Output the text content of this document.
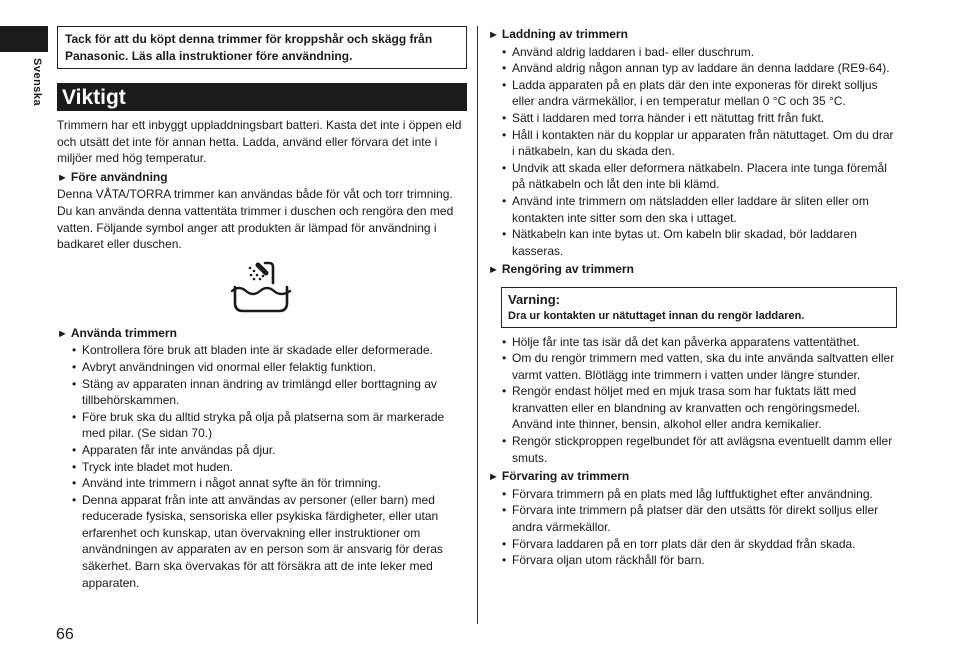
Svenska
66
Tack för att du köpt denna trimmer för kroppshår och skägg från Panasonic. Läs alla instruktioner före användning.
Viktigt
Trimmern har ett inbyggt uppladdningsbart batteri. Kasta det inte i öppen eld och utsätt det inte för annan hetta. Ladda, använd eller förvara det inte i miljöer med hög temperatur.
► Före användning
Denna VÅTA/TORRA trimmer kan användas både för våt och torr trimning. Du kan använda denna vattentäta trimmer i duschen och rengöra den med vatten. Följande symbol anger att produkten är lämpad för användning i badkaret eller duschen.
► Använda trimmern
• Kontrollera före bruk att bladen inte är skadade eller deformerade.
• Avbryt användningen vid onormal eller felaktig funktion.
• Stäng av apparaten innan ändring av trimlängd eller borttagning av tillbehörskammen.
• Före bruk ska du alltid stryka på olja på platserna som är markerade med pilar. (Se sidan 70.)
• Apparaten får inte användas på djur.
• Tryck inte bladet mot huden.
• Använd inte trimmern i något annat syfte än för trimning.
• Denna apparat från inte att användas av personer (eller barn) med reducerade fysiska, sensoriska eller psykiska färdigheter, eller utan erfarenhet och kunskap, utan övervakning eller instruktioner om användningen av apparaten av en person som är ansvarig för deras säkerhet. Barn ska övervakas för att försäkra att de inte leker med apparaten.
► Laddning av trimmern
• Använd aldrig laddaren i bad- eller duschrum.
• Använd aldrig någon annan typ av laddare än denna laddare (RE9-64).
• Ladda apparaten på en plats där den inte exponeras för direkt solljus eller andra värmekällor, i en temperatur mellan 0 °C och 35 °C.
• Sätt i laddaren med torra händer i ett nätuttag fritt från fukt.
• Håll i kontakten när du kopplar ur apparaten från nätuttaget. Om du drar i nätkabeln, kan du skada den.
• Undvik att skada eller deformera nätkabeln. Placera inte tunga föremål på nätkabeln och låt den inte bli klämd.
• Använd inte trimmern om nätsladden eller laddare är sliten eller om kontakten inte sitter som den ska i uttaget.
• Nätkabeln kan inte bytas ut. Om kabeln blir skadad, bör laddaren kasseras.
► Rengöring av trimmern
Varning:
Dra ur kontakten ur nätuttaget innan du rengör laddaren.
• Hölje får inte tas isär då det kan påverka apparatens vattentäthet.
• Om du rengör trimmern med vatten, ska du inte använda saltvatten eller varmt vatten. Blötlägg inte trimmern i vatten under längre stunder.
• Rengör endast höljet med en mjuk trasa som har fuktats lätt med kranvatten eller en blandning av kranvatten och rengöringsmedel. Använd inte thinner, bensin, alkohol eller andra kemikalier.
• Rengör stickproppen regelbundet för att avlägsna eventuellt damm eller smuts.
► Förvaring av trimmern
• Förvara trimmern på en plats med låg luftfuktighet efter användning.
• Förvara inte trimmern på platser där den utsätts för direkt solljus eller andra värmekällor.
• Förvara laddaren på en torr plats där den är skyddad från skada.
• Förvara oljan utom räckhåll för barn.
